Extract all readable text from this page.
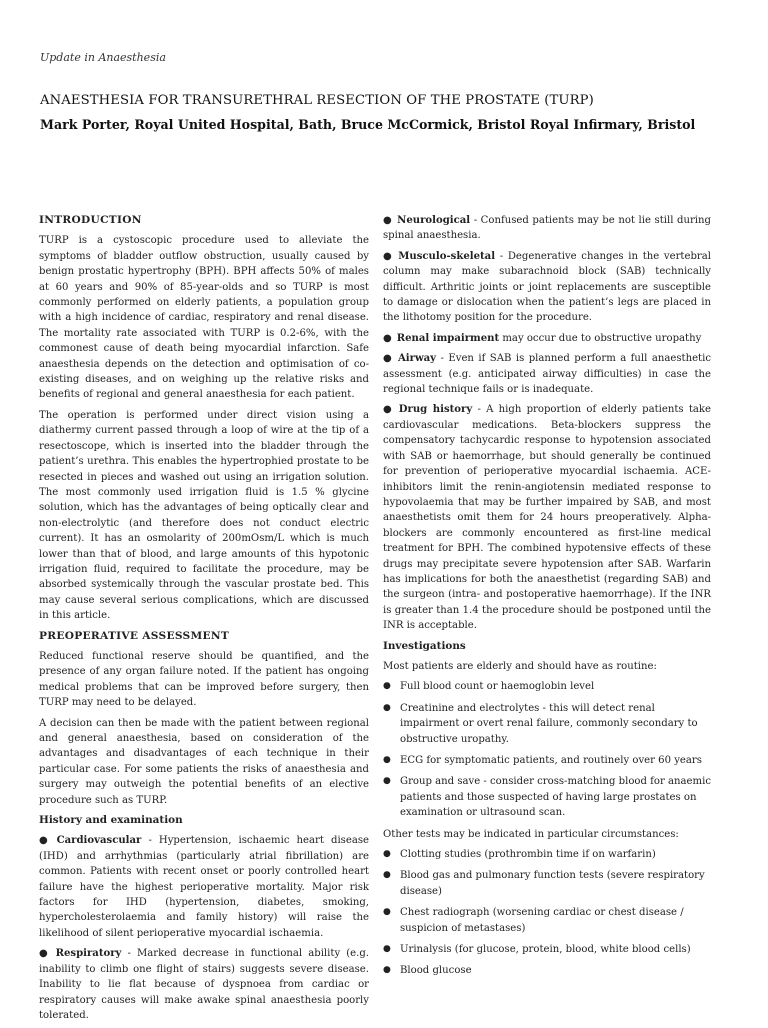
Update in Anaesthesia
ANAESTHESIA FOR TRANSURETHRAL RESECTION OF THE PROSTATE (TURP)
Mark Porter, Royal United Hospital, Bath, Bruce McCormick, Bristol Royal Infirmary, Bristol
INTRODUCTION

TURP is a cystoscopic procedure used to alleviate the symptoms of bladder outflow obstruction, usually caused by benign prostatic hypertrophy (BPH). BPH affects 50% of males at 60 years and 90% of 85-year-olds and so TURP is most commonly performed on elderly patients, a population group with a high incidence of cardiac, respiratory and renal disease. The mortality rate associated with TURP is 0.2-6%, with the commonest cause of death being myocardial infarction. Safe anaesthesia depends on the detection and optimisation of co-existing diseases, and on weighing up the relative risks and benefits of regional and general anaesthesia for each patient.

The operation is performed under direct vision using a diathermy current passed through a loop of wire at the tip of a resectoscope, which is inserted into the bladder through the patient’s urethra. This enables the hypertrophied prostate to be resected in pieces and washed out using an irrigation solution. The most commonly used irrigation fluid is 1.5 % glycine solution, which has the advantages of being optically clear and non-electrolytic (and therefore does not conduct electric current). It has an osmolarity of 200mOsm/L which is much lower than that of blood, and large amounts of this hypotonic irrigation fluid, required to facilitate the procedure, may be absorbed systemically through the vascular prostate bed. This may cause several serious complications, which are discussed in this article.

PREOPERATIVE ASSESSMENT

Reduced functional reserve should be quantified, and the presence of any organ failure noted. If the patient has ongoing medical problems that can be improved before surgery, then TURP may need to be delayed.

A decision can then be made with the patient between regional and general anaesthesia, based on consideration of the advantages and disadvantages of each technique in their particular case. For some patients the risks of anaesthesia and surgery may outweigh the potential benefits of an elective procedure such as TURP.

History and examination
● Cardiovascular - Hypertension, ischaemic heart disease (IHD) and arrhythmias (particularly atrial fibrillation) are common. Patients with recent onset or poorly controlled heart failure have the highest perioperative mortality. Major risk factors for IHD (hypertension, diabetes, smoking, hypercholesterolaemia and family history) will raise the likelihood of silent perioperative myocardial ischaemia.
● Respiratory - Marked decrease in functional ability (e.g. inability to climb one flight of stairs) suggests severe disease. Inability to lie flat because of dyspnoea from cardiac or respiratory causes will make awake spinal anaesthesia poorly tolerated.
● Neurological - Confused patients may be not lie still during spinal anaesthesia.
● Musculo-skeletal - Degenerative changes in the vertebral column may make subarachnoid block (SAB) technically difficult. Arthritic joints or joint replacements are susceptible to damage or dislocation when the patient’s legs are placed in the lithotomy position for the procedure.
● Renal impairment may occur due to obstructive uropathy
● Airway - Even if SAB is planned perform a full anaesthetic assessment (e.g. anticipated airway difficulties) in case the regional technique fails or is inadequate.
● Drug history - A high proportion of elderly patients take cardiovascular medications. Beta-blockers suppress the compensatory tachycardic response to hypotension associated with SAB or haemorrhage, but should generally be continued for prevention of perioperative myocardial ischaemia. ACE-inhibitors limit the renin-angiotensin mediated response to hypovolaemia that may be further impaired by SAB, and most anaesthetists omit them for 24 hours preoperatively. Alpha-blockers are commonly encountered as first-line medical treatment for BPH. The combined hypotensive effects of these drugs may precipitate severe hypotension after SAB. Warfarin has implications for both the anaesthetist (regarding SAB) and the surgeon (intra- and postoperative haemorrhage). If the INR is greater than 1.4 the procedure should be postponed until the INR is acceptable.
Investigations

Most patients are elderly and should have as routine:

● Full blood count or haemoglobin level
● Creatinine and electrolytes - this will detect renal impairment or overt renal failure, commonly secondary to obstructive uropathy.
● ECG for symptomatic patients, and routinely over 60 years
● Group and save - consider cross-matching blood for anaemic patients and those suspected of having large prostates on examination or ultrasound scan.

Other tests may be indicated in particular circumstances:

● Clotting studies (prothrombin time if on warfarin)
● Blood gas and pulmonary function tests (severe respiratory disease)
● Chest radiograph (worsening cardiac or chest disease / suspicion of metastases)
● Urinalysis (for glucose, protein, blood, white blood cells)
● Blood glucose
